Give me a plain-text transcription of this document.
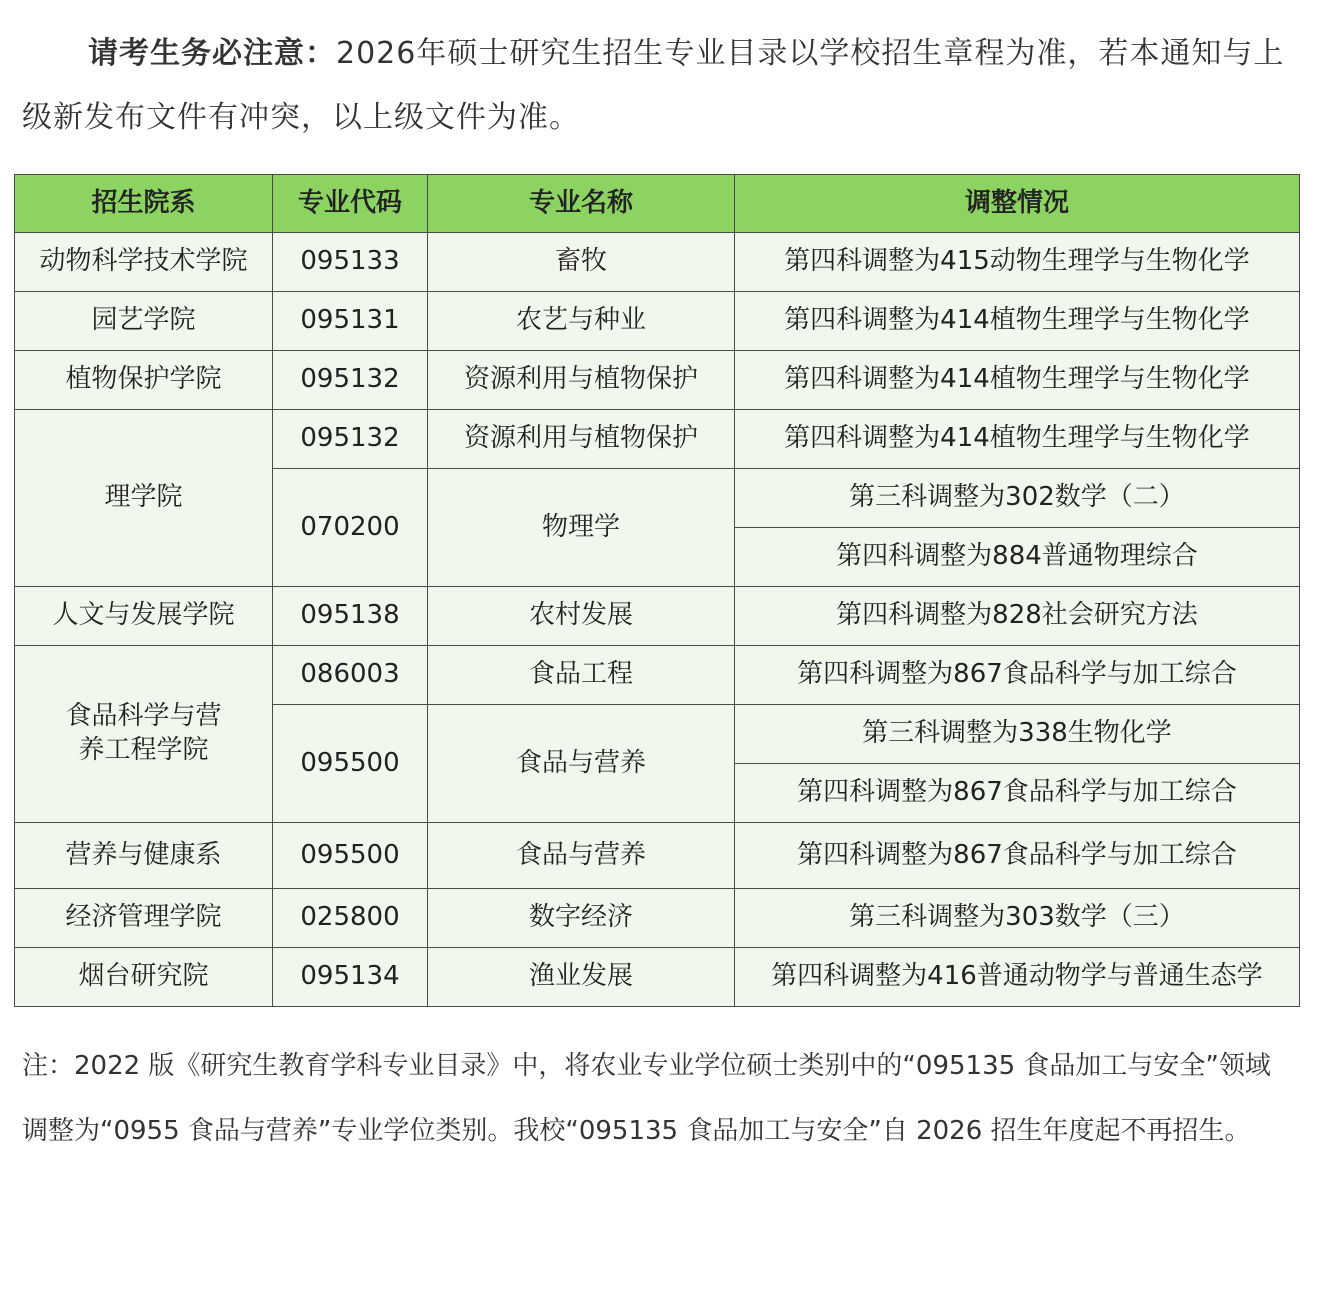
请考生务必注意：2026年硕士研究生招生专业目录以学校招生章程为准，若本通知与上级新发布文件有冲突，以上级文件为准。
招生院系	专业代码	专业名称	调整情况
动物科学技术学院	095133	畜牧	第四科调整为415动物生理学与生物化学
园艺学院	095131	农艺与种业	第四科调整为414植物生理学与生物化学
植物保护学院	095132	资源利用与植物保护	第四科调整为414植物生理学与生物化学
理学院	095132	资源利用与植物保护	第四科调整为414植物生理学与生物化学
	070200	物理学	第三科调整为302数学（二）
			第四科调整为884普通物理综合
人文与发展学院	095138	农村发展	第四科调整为828社会研究方法
食品科学与营养工程学院	086003	食品工程	第四科调整为867食品科学与加工综合
	095500	食品与营养	第三科调整为338生物化学
			第四科调整为867食品科学与加工综合
营养与健康系	095500	食品与营养	第四科调整为867食品科学与加工综合
经济管理学院	025800	数字经济	第三科调整为303数学（三）
烟台研究院	095134	渔业发展	第四科调整为416普通动物学与普通生态学
注：2022 版《研究生教育学科专业目录》中，将农业专业学位硕士类别中的“095135 食品加工与安全”领域调整为“0955 食品与营养”专业学位类别。我校“095135 食品加工与安全”自 2026 招生年度起不再招生。
